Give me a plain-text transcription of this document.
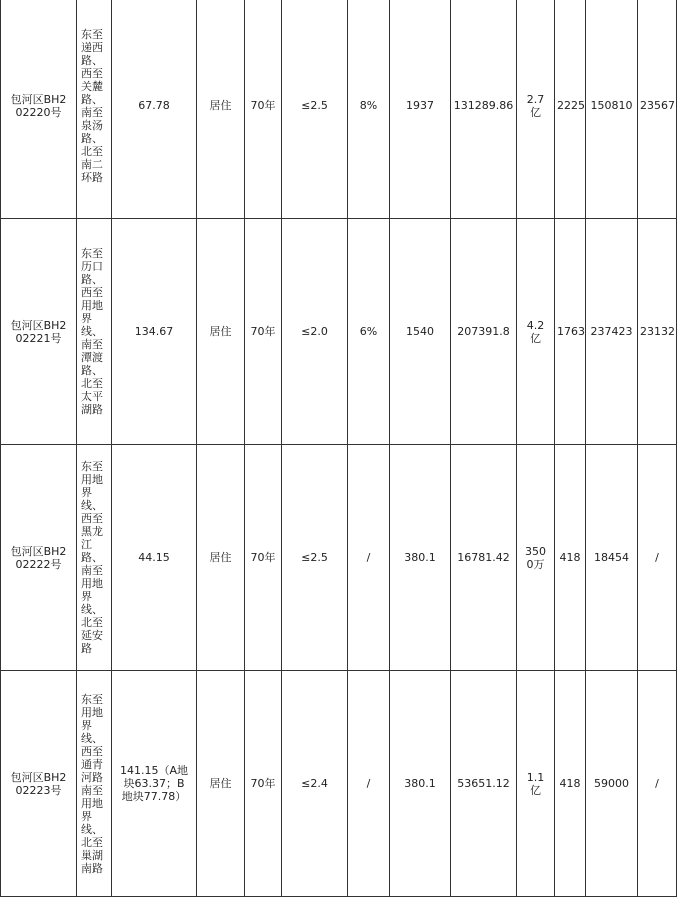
包河区BH202220号	东至递西路、西至关麓路、南至泉汤路、北至南二环路	67.78	居住	70年	≤2.5	8%	1937	131289.86	2.7亿	2225	150810	23567
包河区BH202221号	东至历口路、西至用地界线、南至潭渡路、北至太平湖路	134.67	居住	70年	≤2.0	6%	1540	207391.8	4.2亿	1763	237423	23132
包河区BH202222号	东至用地界线、西至黑龙江路、南至用地界线、北至延安路	44.15	居住	70年	≤2.5	/	380.1	16781.42	3500万	418	18454	/
包河区BH202223号	东至用地界线、西至通青河路南至用地界线、北至巢湖南路	141.15（A地块63.37；B地块77.78）	居住	70年	≤2.4	/	380.1	53651.12	1.1亿	418	59000	/
